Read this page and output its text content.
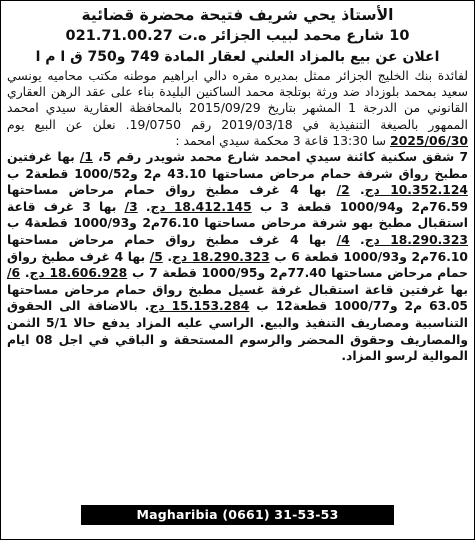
الأستاذ يحي شريف فتيحة محضرة قضائية

10 شارع محمد لبيب الجزائر ه.ت 021.71.00.27

اعلان عن بيع بالمزاد العلني لعقار المادة 749 و750 ق ا م ا

لفائدة بنك الخليج الجزائر ممثل بمديره مقره دالي ابراهيم موطنه مكتب محاميه يونسي سعيد بمحمد بلوزداد ضد ورثة بوتلجة محمد الساكنين البليدة بناء على عقد الرهن العقاري القانوني من الدرجة 1 المشهر بتاريخ 2015/09/29 بالمحافظة العقارية سيدي امحمد الممهور بالصيغة التنفيذية في 2019/03/18 رقم 19/0750. نعلن عن البيع يوم 2025/06/30 سا 13:30 قاعة 3 محكمة سيدي امحمد :

7 شقق سكنية كائنة سيدي امحمد شارع محمد شويدر رقم 5، 1/ بها غرفتين مطبخ رواق شرفة حمام مرحاض مساحتها 43.10 م2 و1000/52 قطعة2 ب 10.352.124 دج. 2/ بها 4 غرف مطبخ رواق حمام مرحاض مساحتها 76.59م2 و1000/94 قطعة 3 ب 18.412.145 دج. 3/ بها 3 غرف قاعة استقبال مطبخ بهو شرفة مرحاض مساحتها 76.10م2 و1000/93 قطعة4 ب 18.290.323 دج. 4/ بها 4 غرف مطبخ رواق حمام مرحاض مساحتها 76.10م2 و1000/93 قطعة 6 ب 18.290.323 دج. 5/ بها 4 غرف مطبخ رواق حمام مرحاض مساحتها 77.40م2 و1000/95 قطعة 7 ب 18.606.928 دج. 6/ بها غرفتين قاعة استقبال غرفة غسيل مطبخ رواق حمام مرحاض مساحتها 63.05 م2 و1000/77 قطعة12 ب 15.153.284 دج. بالاضافة الى الحقوق التناسبية ومصاريف التنفيذ والبيع. الراسي عليه المزاد يدفع حالا 5/1 الثمن والمصاريف وحقوق المحضر والرسوم المستحقة و الباقي في اجل 08 ايام الموالية لرسو المزاد.

Magharibia (0661) 31-53-53
